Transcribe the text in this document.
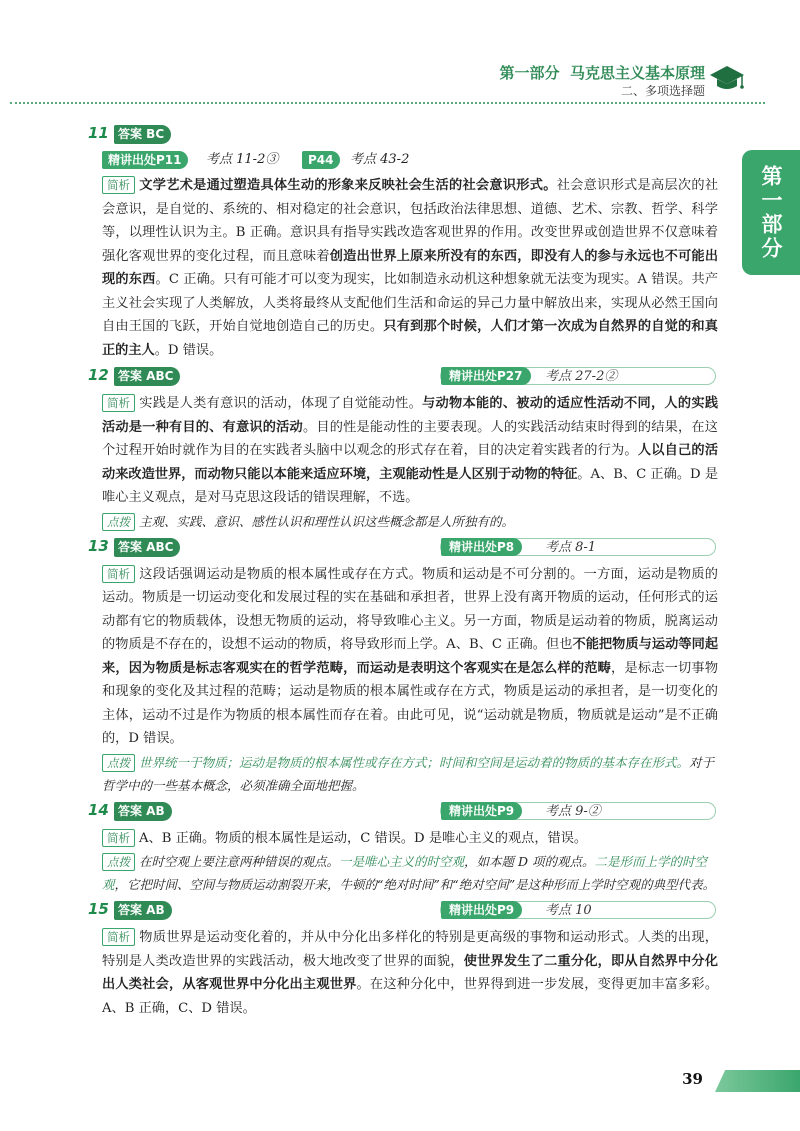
第一部分 马克思主义基本原理
二、多项选择题
第一部分
11 答案 BC
精讲出处P11	考点 11-2③	P44	考点 43-2
简析 文学艺术是通过塑造具体生动的形象来反映社会生活的社会意识形式。社会意识形式是高层次的社会意识，是自觉的、系统的、相对稳定的社会意识，包括政治法律思想、道德、艺术、宗教、哲学、科学等，以理性认识为主。B 正确。意识具有指导实践改造客观世界的作用。改变世界或创造世界不仅意味着强化客观世界的变化过程，而且意味着创造出世界上原来所没有的东西，即没有人的参与永远也不可能出现的东西。C 正确。只有可能才可以变为现实，比如制造永动机这种想象就无法变为现实。A 错误。共产主义社会实现了人类解放，人类将最终从支配他们生活和命运的异己力量中解放出来，实现从必然王国向自由王国的飞跃，开始自觉地创造自己的历史。只有到那个时候，人们才第一次成为自然界的自觉的和真正的主人。D 错误。
12 答案 ABC	精讲出处P27	考点 27-2②
简析 实践是人类有意识的活动，体现了自觉能动性。与动物本能的、被动的适应性活动不同，人的实践活动是一种有目的、有意识的活动。目的性是能动性的主要表现。人的实践活动结束时得到的结果，在这个过程开始时就作为目的在实践者头脑中以观念的形式存在着，目的决定着实践者的行为。人以自己的活动来改造世界，而动物只能以本能来适应环境，主观能动性是人区别于动物的特征。A、B、C 正确。D 是唯心主义观点，是对马克思这段话的错误理解，不选。
点拨 主观、实践、意识、感性认识和理性认识这些概念都是人所独有的。
13 答案 ABC	精讲出处P8	考点 8-1
简析 这段话强调运动是物质的根本属性或存在方式。物质和运动是不可分割的。一方面，运动是物质的运动。物质是一切运动变化和发展过程的实在基础和承担者，世界上没有离开物质的运动，任何形式的运动都有它的物质载体，设想无物质的运动，将导致唯心主义。另一方面，物质是运动着的物质，脱离运动的物质是不存在的，设想不运动的物质，将导致形而上学。A、B、C 正确。但也不能把物质与运动等同起来，因为物质是标志客观实在的哲学范畴，而运动是表明这个客观实在是怎么样的范畴，是标志一切事物和现象的变化及其过程的范畴；运动是物质的根本属性或存在方式，物质是运动的承担者，是一切变化的主体，运动不过是作为物质的根本属性而存在着。由此可见，说“运动就是物质，物质就是运动”是不正确的，D 错误。
点拨 世界统一于物质；运动是物质的根本属性或存在方式；时间和空间是运动着的物质的基本存在形式。对于哲学中的一些基本概念，必须准确全面地把握。
14 答案 AB	精讲出处P9	考点 9-②
简析 A、B 正确。物质的根本属性是运动，C 错误。D 是唯心主义的观点，错误。
点拨 在时空观上要注意两种错误的观点。一是唯心主义的时空观，如本题 D 项的观点。二是形而上学的时空观，它把时间、空间与物质运动割裂开来，牛顿的“绝对时间”和“绝对空间”是这种形而上学时空观的典型代表。
15 答案 AB	精讲出处P9	考点 10
简析 物质世界是运动变化着的，并从中分化出多样化的特别是更高级的事物和运动形式。人类的出现，特别是人类改造世界的实践活动，极大地改变了世界的面貌，使世界发生了二重分化，即从自然界中分化出人类社会，从客观世界中分化出主观世界。在这种分化中，世界得到进一步发展，变得更加丰富多彩。A、B 正确，C、D 错误。
39
